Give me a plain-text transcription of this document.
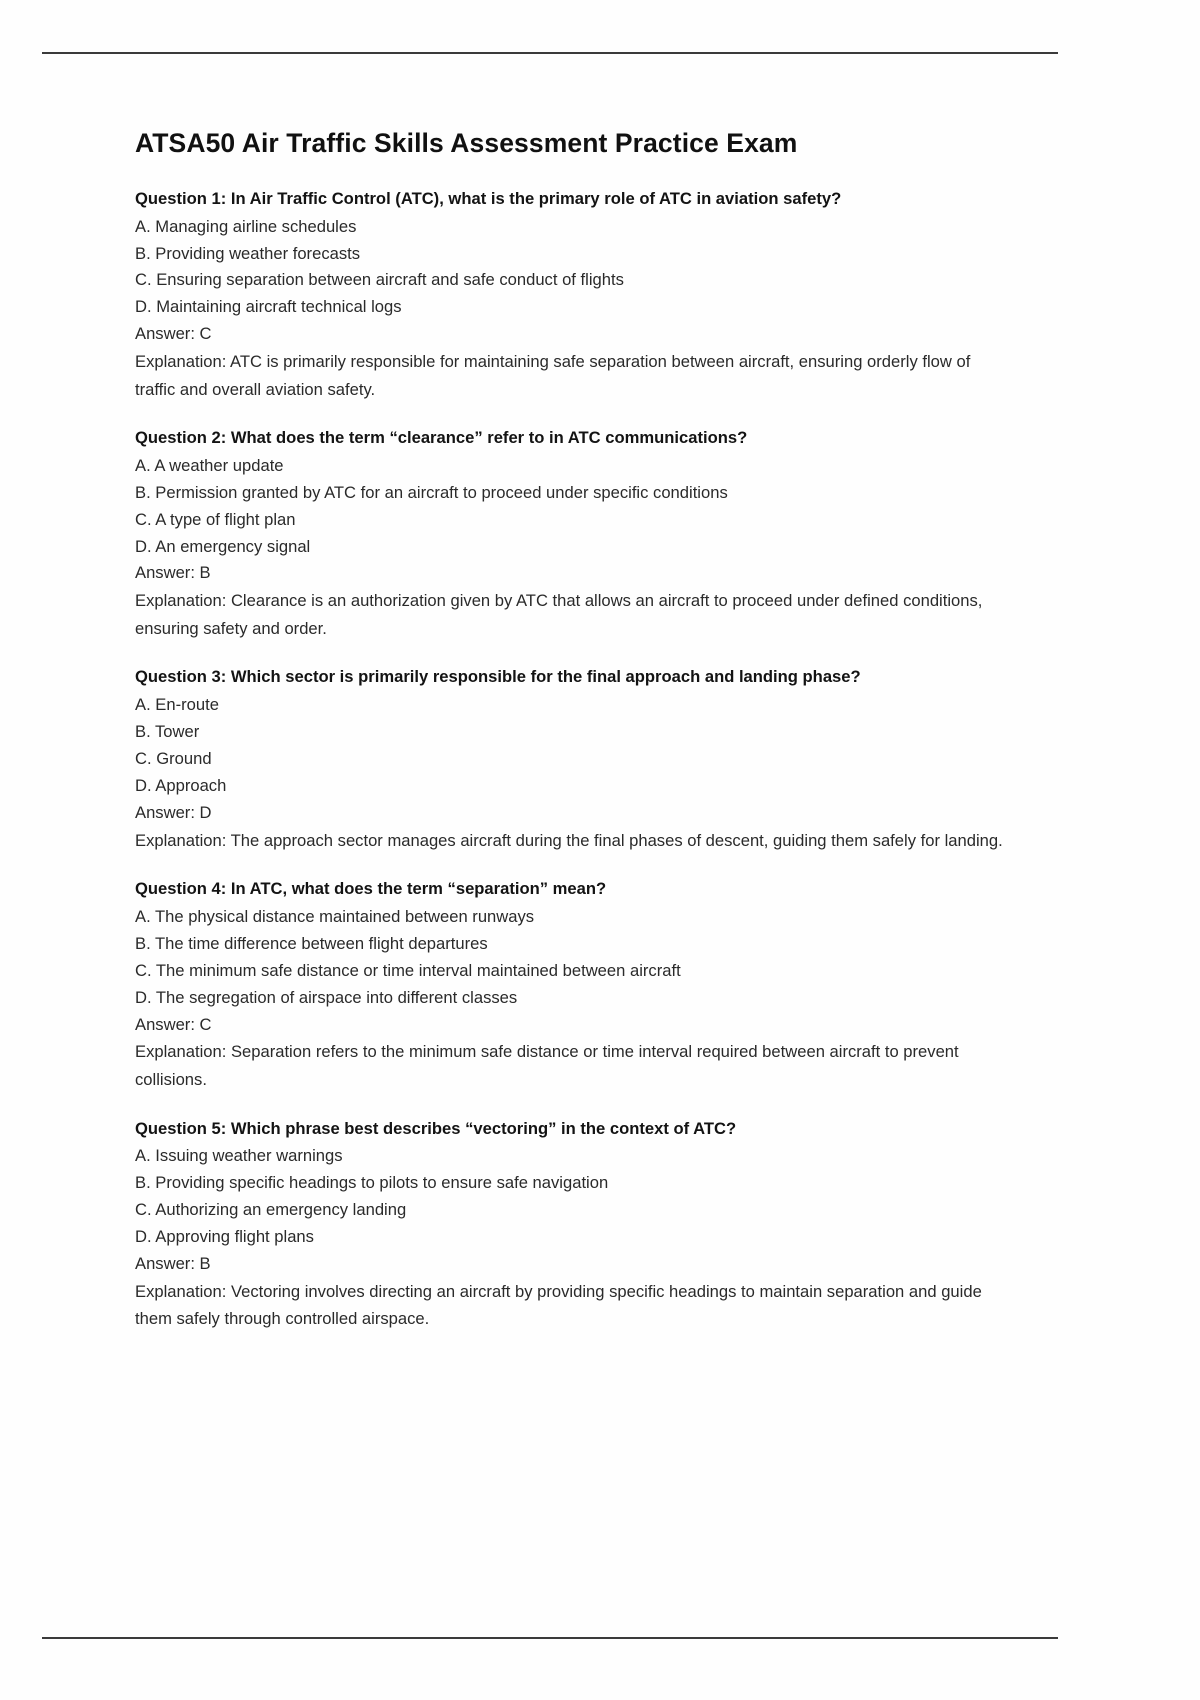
ATSA50 Air Traffic Skills Assessment Practice Exam
Question 1: In Air Traffic Control (ATC), what is the primary role of ATC in aviation safety?
A. Managing airline schedules
B. Providing weather forecasts
C. Ensuring separation between aircraft and safe conduct of flights
D. Maintaining aircraft technical logs
Answer: C
Explanation: ATC is primarily responsible for maintaining safe separation between aircraft, ensuring orderly flow of traffic and overall aviation safety.
Question 2: What does the term “clearance” refer to in ATC communications?
A. A weather update
B. Permission granted by ATC for an aircraft to proceed under specific conditions
C. A type of flight plan
D. An emergency signal
Answer: B
Explanation: Clearance is an authorization given by ATC that allows an aircraft to proceed under defined conditions, ensuring safety and order.
Question 3: Which sector is primarily responsible for the final approach and landing phase?
A. En-route
B. Tower
C. Ground
D. Approach
Answer: D
Explanation: The approach sector manages aircraft during the final phases of descent, guiding them safely for landing.
Question 4: In ATC, what does the term “separation” mean?
A. The physical distance maintained between runways
B. The time difference between flight departures
C. The minimum safe distance or time interval maintained between aircraft
D. The segregation of airspace into different classes
Answer: C
Explanation: Separation refers to the minimum safe distance or time interval required between aircraft to prevent collisions.
Question 5: Which phrase best describes “vectoring” in the context of ATC?
A. Issuing weather warnings
B. Providing specific headings to pilots to ensure safe navigation
C. Authorizing an emergency landing
D. Approving flight plans
Answer: B
Explanation: Vectoring involves directing an aircraft by providing specific headings to maintain separation and guide them safely through controlled airspace.
